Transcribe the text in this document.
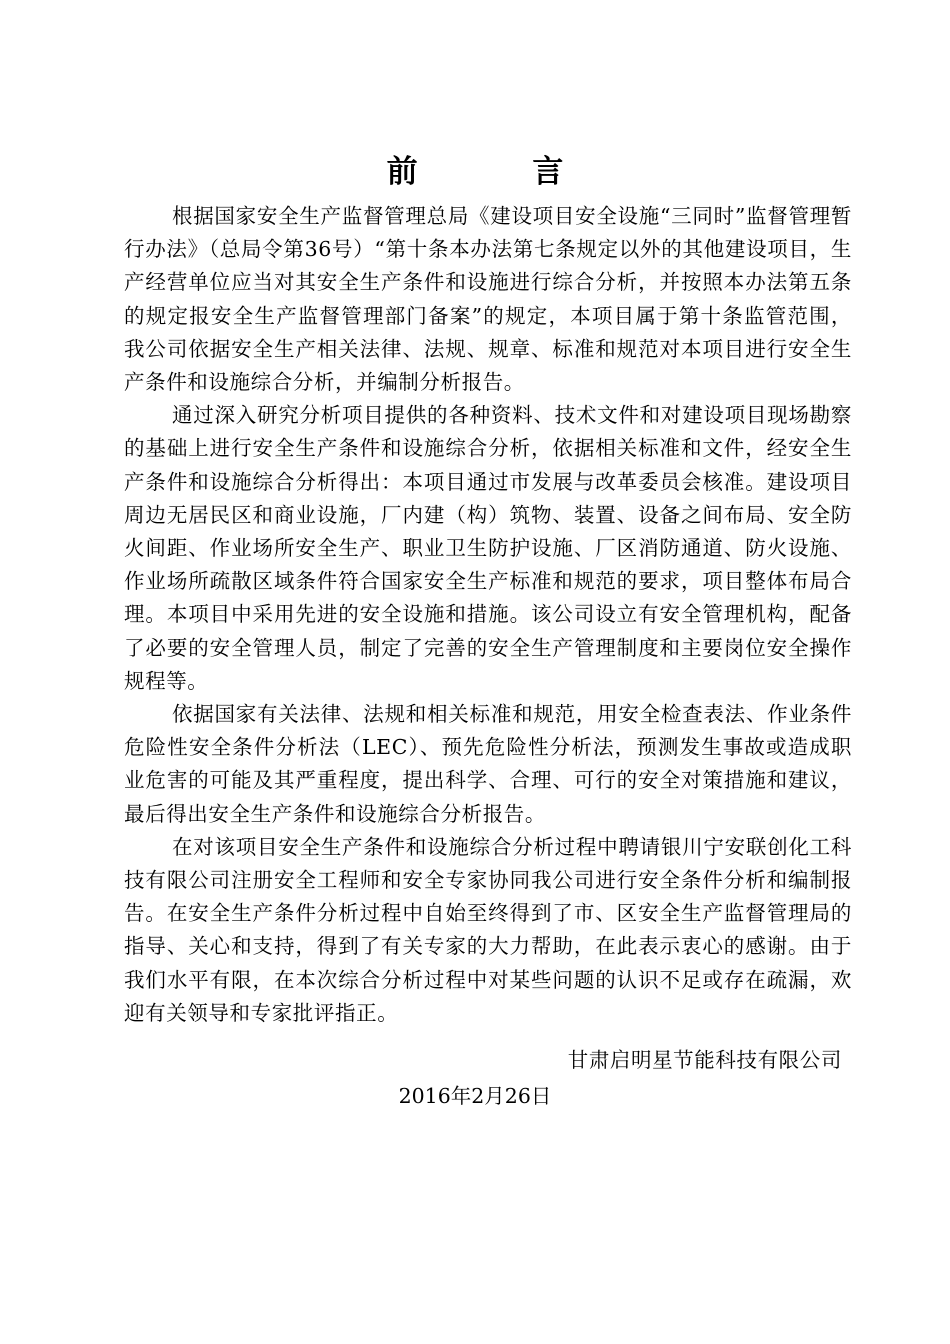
前 言

根据国家安全生产监督管理总局《建设项目安全设施“三同时”监督管理暂行办法》（总局令第36号）“第十条本办法第七条规定以外的其他建设项目，生产经营单位应当对其安全生产条件和设施进行综合分析，并按照本办法第五条的规定报安全生产监督管理部门备案”的规定，本项目属于第十条监管范围，我公司依据安全生产相关法律、法规、规章、标准和规范对本项目进行安全生产条件和设施综合分析，并编制分析报告。

通过深入研究分析项目提供的各种资料、技术文件和对建设项目现场勘察的基础上进行安全生产条件和设施综合分析，依据相关标准和文件，经安全生产条件和设施综合分析得出：本项目通过市发展与改革委员会核准。建设项目周边无居民区和商业设施，厂内建（构）筑物、装置、设备之间布局、安全防火间距、作业场所安全生产、职业卫生防护设施、厂区消防通道、防火设施、作业场所疏散区域条件符合国家安全生产标准和规范的要求，项目整体布局合理。本项目中采用先进的安全设施和措施。该公司设立有安全管理机构，配备了必要的安全管理人员，制定了完善的安全生产管理制度和主要岗位安全操作规程等。

依据国家有关法律、法规和相关标准和规范，用安全检查表法、作业条件危险性安全条件分析法（LEC）、预先危险性分析法，预测发生事故或造成职业危害的可能及其严重程度，提出科学、合理、可行的安全对策措施和建议，最后得出安全生产条件和设施综合分析报告。

在对该项目安全生产条件和设施综合分析过程中聘请银川宁安联创化工科技有限公司注册安全工程师和安全专家协同我公司进行安全条件分析和编制报告。在安全生产条件分析过程中自始至终得到了市、区安全生产监督管理局的指导、关心和支持，得到了有关专家的大力帮助，在此表示衷心的感谢。由于我们水平有限，在本次综合分析过程中对某些问题的认识不足或存在疏漏，欢迎有关领导和专家批评指正。

甘肃启明星节能科技有限公司
2016年2月26日
